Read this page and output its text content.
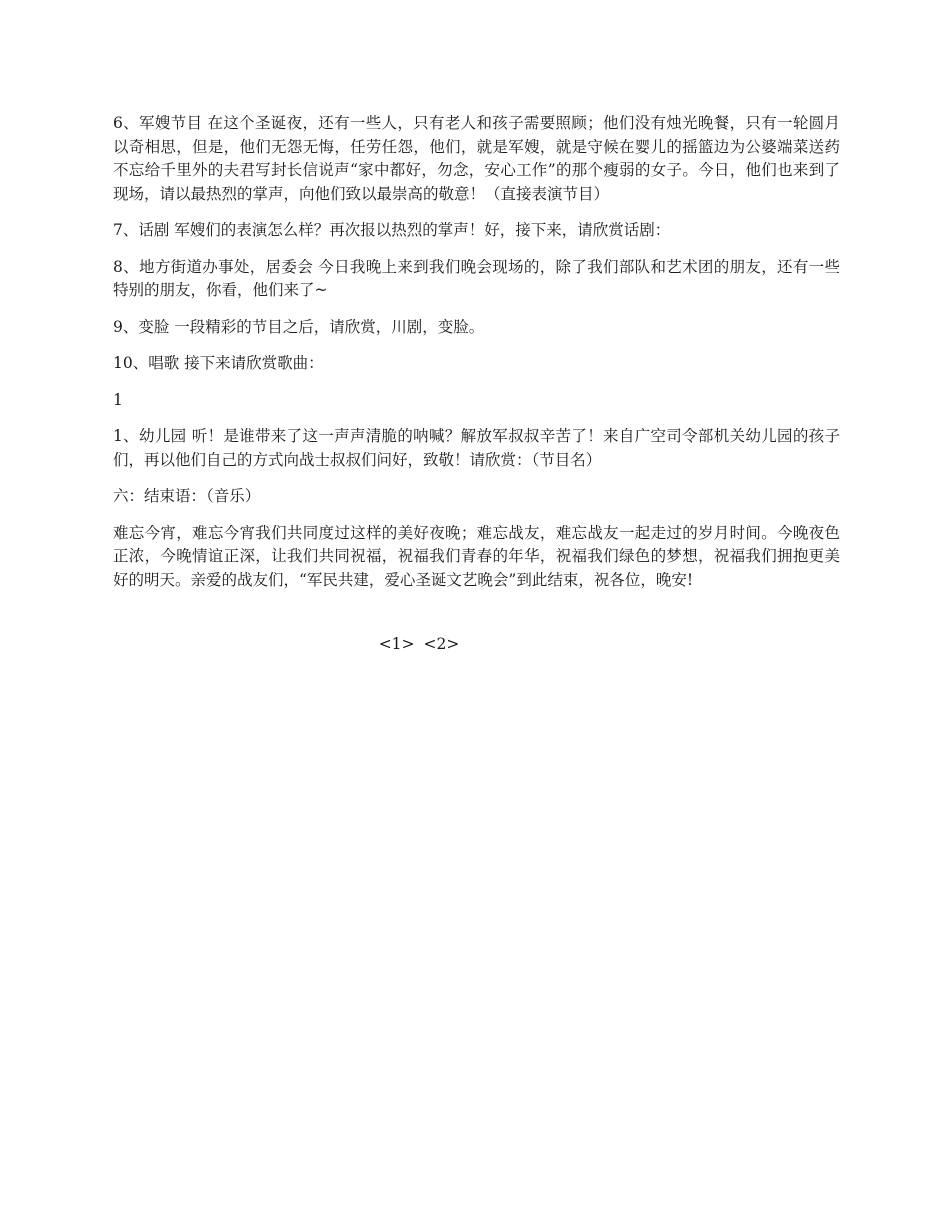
6、军嫂节目 在这个圣诞夜，还有一些人，只有老人和孩子需要照顾；他们没有烛光晚餐，只有一轮圆月以奇相思，但是，他们无怨无悔，任劳任怨，他们，就是军嫂，就是守候在婴儿的摇篮边为公婆端菜送药不忘给千里外的夫君写封长信说声“家中都好，勿念，安心工作”的那个瘦弱的女子。今日，他们也来到了现场，请以最热烈的掌声，向他们致以最崇高的敬意！（直接表演节目）

7、话剧 军嫂们的表演怎么样？再次报以热烈的掌声！好，接下来，请欣赏话剧：

8、地方街道办事处，居委会 今日我晚上来到我们晚会现场的，除了我们部队和艺术团的朋友，还有一些特别的朋友，你看，他们来了~

9、变脸 一段精彩的节目之后，请欣赏，川剧，变脸。

10、唱歌 接下来请欣赏歌曲：

1

1、幼儿园 听！是谁带来了这一声声清脆的呐喊？解放军叔叔辛苦了！来自广空司令部机关幼儿园的孩子们，再以他们自己的方式向战士叔叔们问好，致敬！请欣赏：（节目名）

六：结束语：（音乐）

难忘今宵，难忘今宵我们共同度过这样的美好夜晚；难忘战友，难忘战友一起走过的岁月时间。今晚夜色正浓，今晚情谊正深，让我们共同祝福，祝福我们青春的年华，祝福我们绿色的梦想，祝福我们拥抱更美好的明天。亲爱的战友们，“军民共建，爱心圣诞文艺晚会”到此结束，祝各位，晚安!

<1> <2>
